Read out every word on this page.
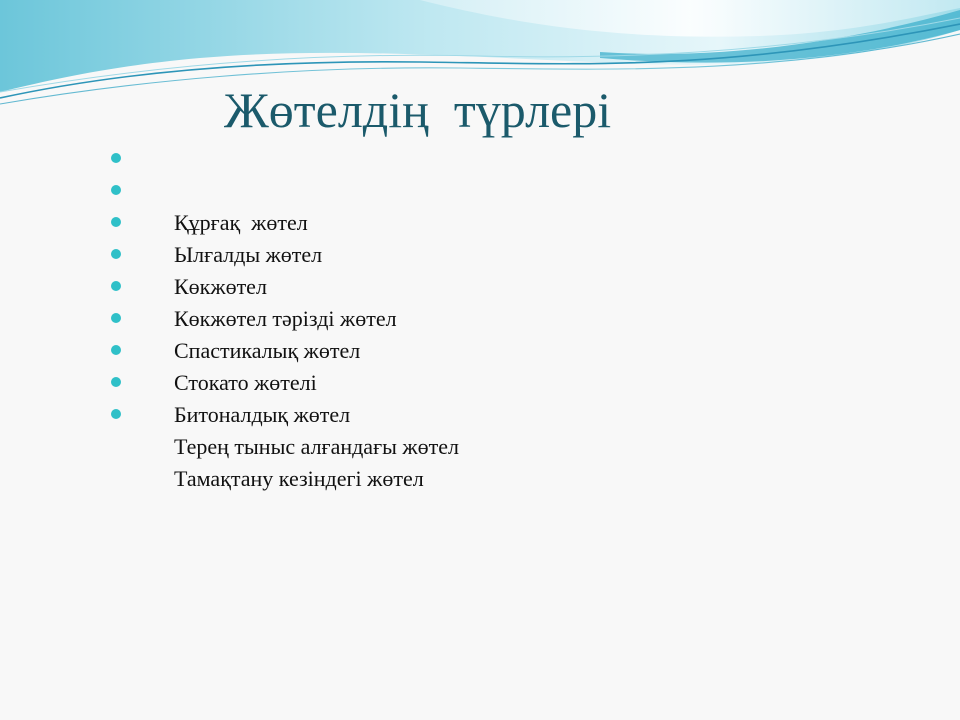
Жөтелдің  түрлері

Құрғақ  жөтел

Ылғалды жөтел

Көкжөтел

Көкжөтел тәрізді жөтел

Спастикалық жөтел

Стокато жөтелі

Битоналдық жөтел

Терең тыныс алғандағы жөтел

Тамақтану кезіндегі жөтел
